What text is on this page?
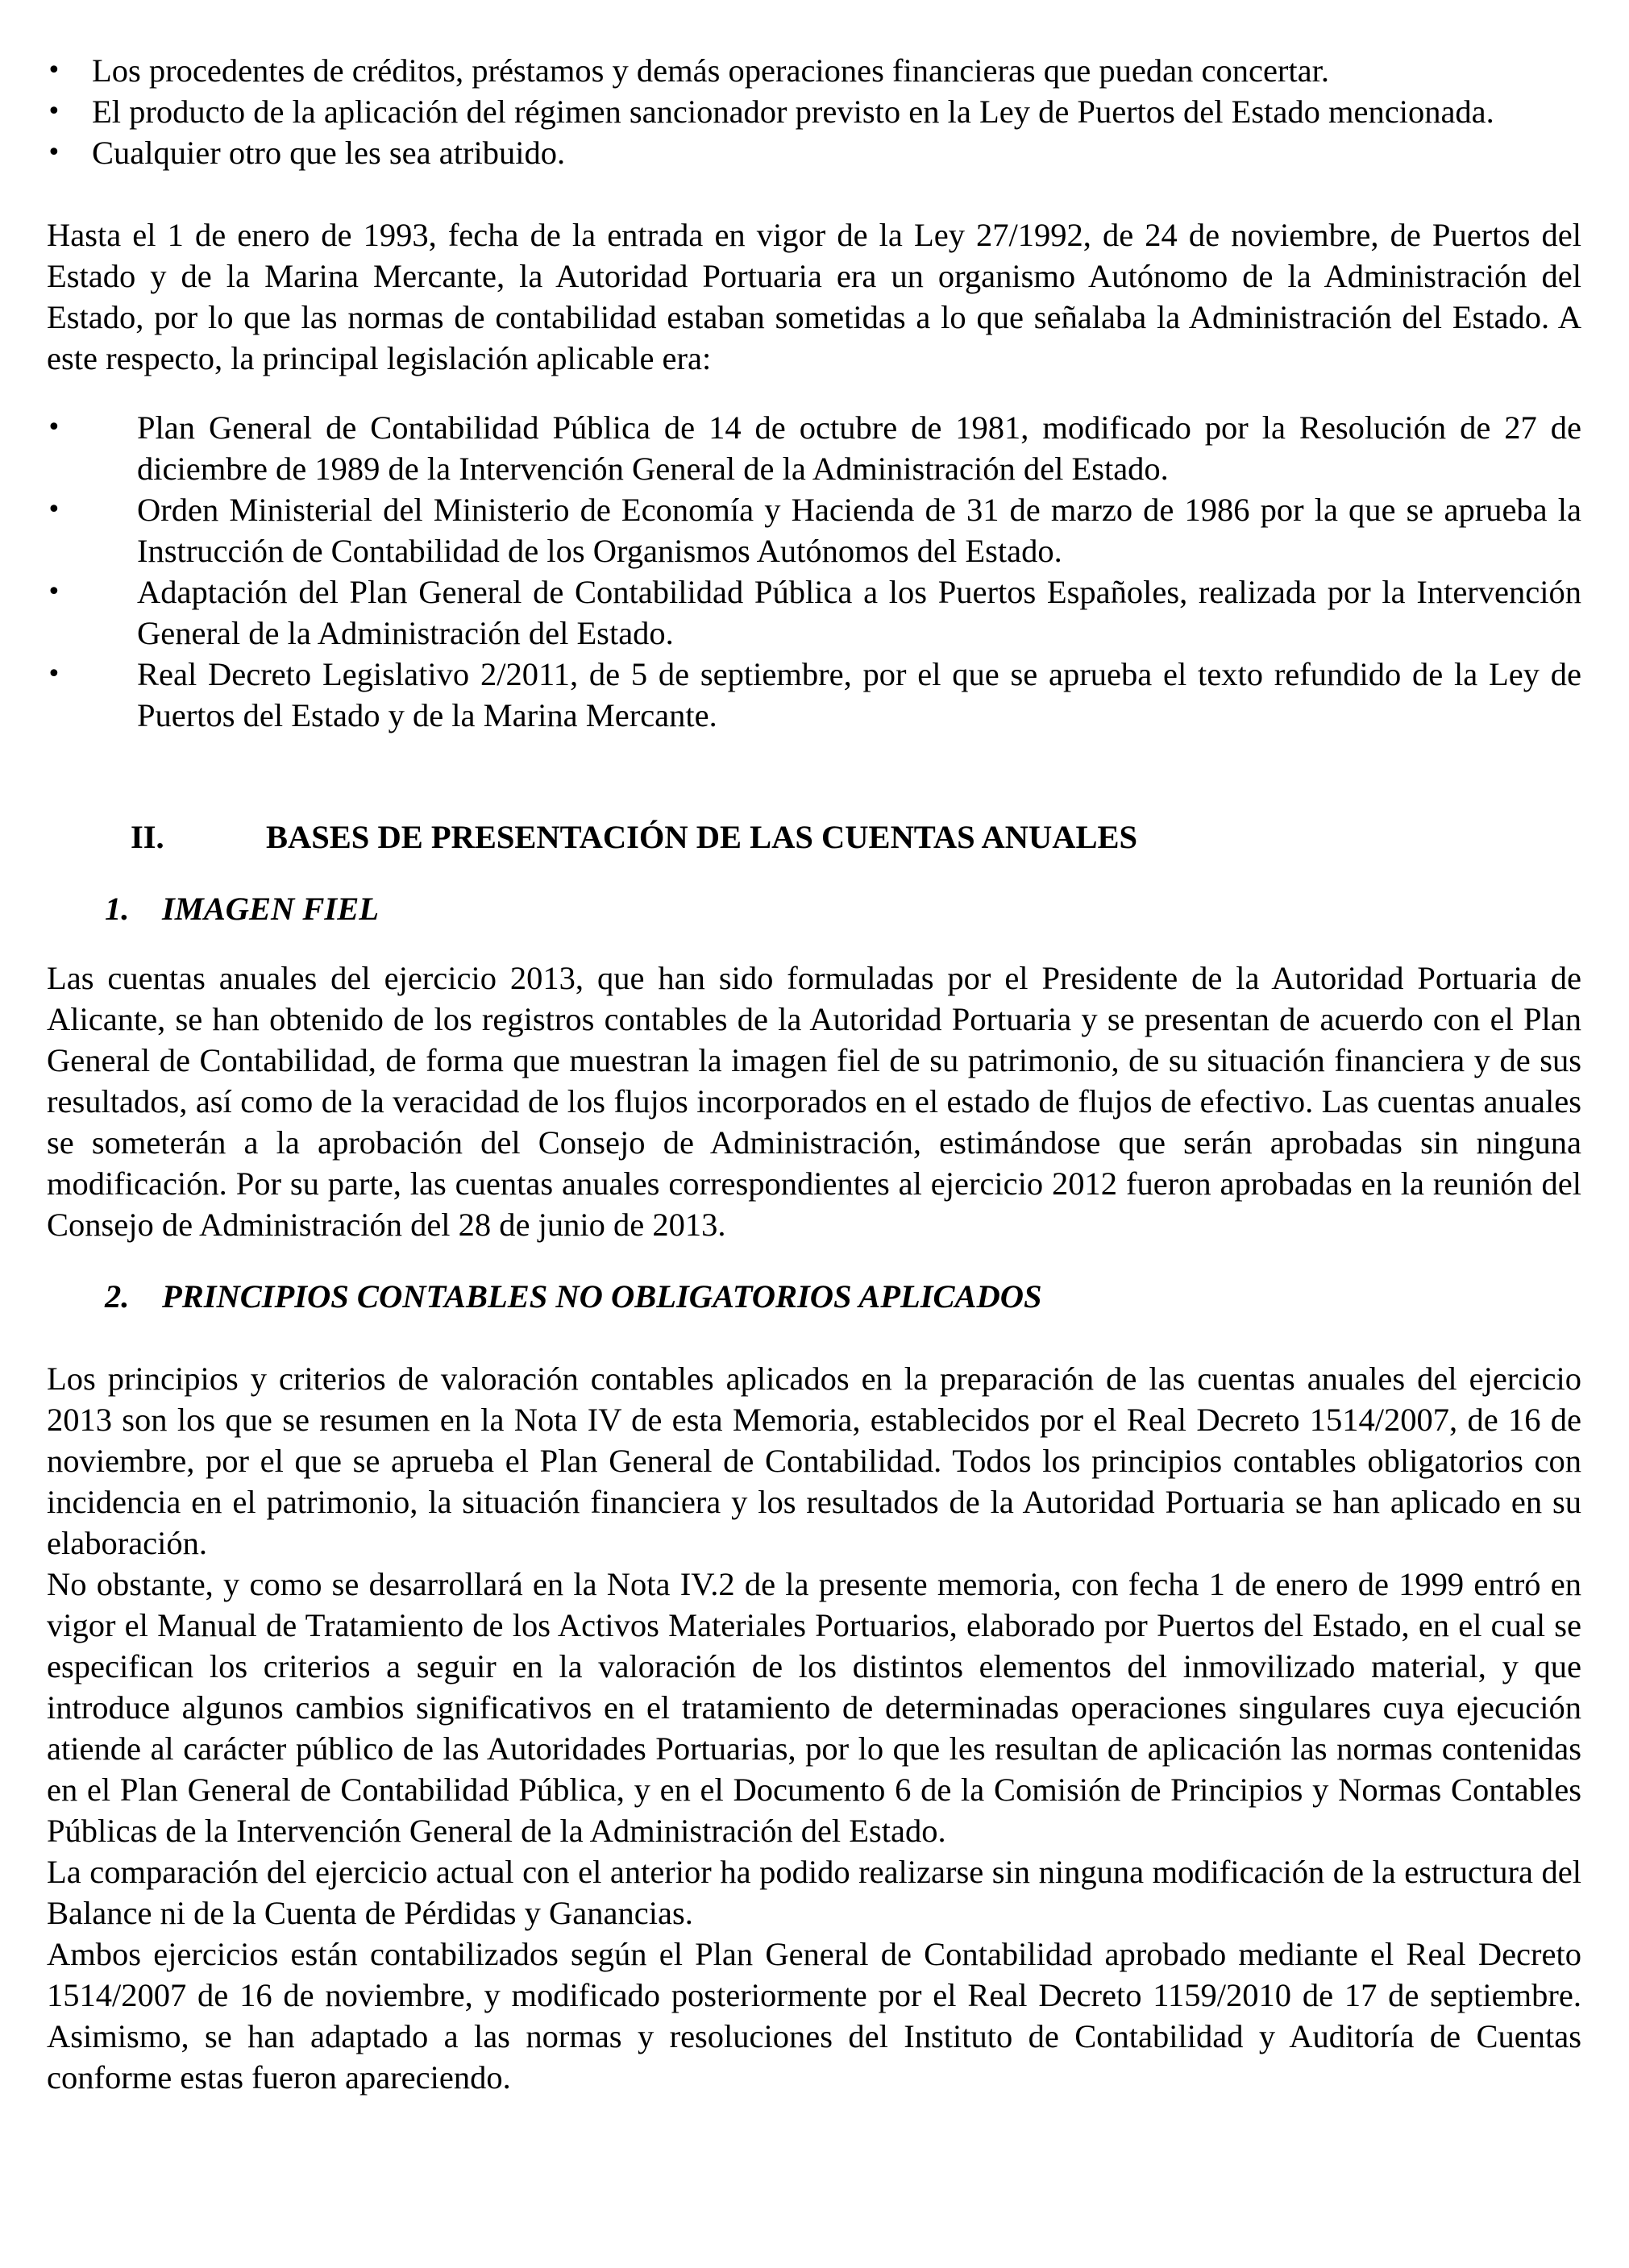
• Los procedentes de créditos, préstamos y demás operaciones financieras que puedan concertar.
• El producto de la aplicación del régimen sancionador previsto en la Ley de Puertos del Estado mencionada.
• Cualquier otro que les sea atribuido.

Hasta el 1 de enero de 1993, fecha de la entrada en vigor de la Ley 27/1992, de 24 de noviembre, de Puertos del Estado y de la Marina Mercante, la Autoridad Portuaria era un organismo Autónomo de la Administración del Estado, por lo que las normas de contabilidad estaban sometidas a lo que señalaba la Administración del Estado. A este respecto, la principal legislación aplicable era:

•	Plan General de Contabilidad Pública de 14 de octubre de 1981, modificado por la Resolución de 27 de diciembre de 1989 de la Intervención General de la Administración del Estado.
•	Orden Ministerial del Ministerio de Economía y Hacienda de 31 de marzo de 1986 por la que se aprueba la Instrucción de Contabilidad de los Organismos Autónomos del Estado.
•	Adaptación del Plan General de Contabilidad Pública a los Puertos Españoles, realizada por la Intervención General de la Administración del Estado.
•	Real Decreto Legislativo 2/2011, de 5 de septiembre, por el que se aprueba el texto refundido de la Ley de Puertos del Estado y de la Marina Mercante.
II.	BASES DE PRESENTACIÓN DE LAS CUENTAS ANUALES
1.	IMAGEN FIEL

Las cuentas anuales del ejercicio 2013, que han sido formuladas por el Presidente de la Autoridad Portuaria de Alicante, se han obtenido de los registros contables de la Autoridad Portuaria y se presentan de acuerdo con el Plan General de Contabilidad, de forma que muestran la imagen fiel de su patrimonio, de su situación financiera y de sus resultados, así como de la veracidad de los flujos incorporados en el estado de flujos de efectivo. Las cuentas anuales se someterán a la aprobación del Consejo de Administración, estimándose que serán aprobadas sin ninguna modificación. Por su parte, las cuentas anuales correspondientes al ejercicio 2012 fueron aprobadas en la reunión del Consejo de Administración del 28 de junio de 2013.

2.	PRINCIPIOS CONTABLES NO OBLIGATORIOS APLICADOS

Los principios y criterios de valoración contables aplicados en la preparación de las cuentas anuales del ejercicio 2013 son los que se resumen en la Nota IV de esta Memoria, establecidos por el Real Decreto 1514/2007, de 16 de noviembre, por el que se aprueba el Plan General de Contabilidad. Todos los principios contables obligatorios con incidencia en el patrimonio, la situación financiera y los resultados de la Autoridad Portuaria se han aplicado en su elaboración.

No obstante, y como se desarrollará en la Nota IV.2 de la presente memoria, con fecha 1 de enero de 1999 entró en vigor el Manual de Tratamiento de los Activos Materiales Portuarios, elaborado por Puertos del Estado, en el cual se especifican los criterios a seguir en la valoración de los distintos elementos del inmovilizado material, y que introduce algunos cambios significativos en el tratamiento de determinadas operaciones singulares cuya ejecución atiende al carácter público de las Autoridades Portuarias, por lo que les resultan de aplicación las normas contenidas en el Plan General de Contabilidad Pública, y en el Documento 6 de la Comisión de Principios y Normas Contables Públicas de la Intervención General de la Administración del Estado.

La comparación del ejercicio actual con el anterior ha podido realizarse sin ninguna modificación de la estructura del Balance ni de la Cuenta de Pérdidas y Ganancias.

Ambos ejercicios están contabilizados según el Plan General de Contabilidad aprobado mediante el Real Decreto 1514/2007 de 16 de noviembre, y modificado posteriormente por el Real Decreto 1159/2010 de 17 de septiembre. Asimismo, se han adaptado a las normas y resoluciones del Instituto de Contabilidad y Auditoría de Cuentas conforme estas fueron apareciendo.
